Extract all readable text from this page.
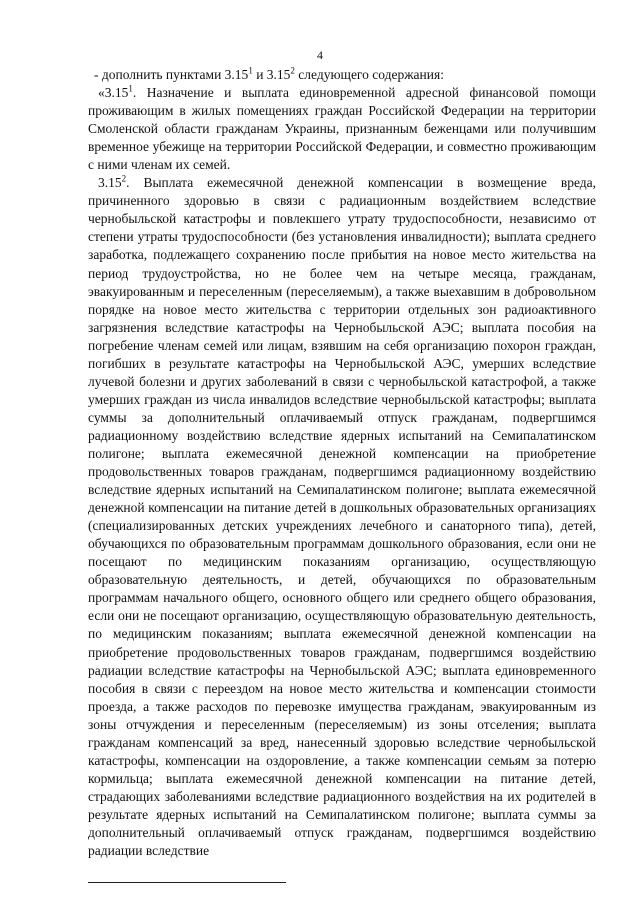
4

- дополнить пунктами 3.15$^1$ и 3.15$^2$ следующего содержания:

«3.15$^1$. Назначение и выплата единовременной адресной финансовой помощи проживающим в жилых помещениях граждан Российской Федерации на территории Смоленской области гражданам Украины, признанным беженцами или получившим временное убежище на территории Российской Федерации, и совместно проживающим с ними членам их семей.

3.15$^2$. Выплата ежемесячной денежной компенсации в возмещение вреда, причиненного здоровью в связи с радиационным воздействием вследствие чернобыльской катастрофы и повлекшего утрату трудоспособности, независимо от степени утраты трудоспособности (без установления инвалидности); выплата среднего заработка, подлежащего сохранению после прибытия на новое место жительства на период трудоустройства, но не более чем на четыре месяца, гражданам, эвакуированным и переселенным (переселяемым), а также выехавшим в добровольном порядке на новое место жительства с территории отдельных зон радиоактивного загрязнения вследствие катастрофы на Чернобыльской АЭС; выплата пособия на погребение членам семей или лицам, взявшим на себя организацию похорон граждан, погибших в результате катастрофы на Чернобыльской АЭС, умерших вследствие лучевой болезни и других заболеваний в связи с чернобыльской катастрофой, а также умерших граждан из числа инвалидов вследствие чернобыльской катастрофы; выплата суммы за дополнительный оплачиваемый отпуск гражданам, подвергшимся радиационному воздействию вследствие ядерных испытаний на Семипалатинском полигоне; выплата ежемесячной денежной компенсации на приобретение продовольственных товаров гражданам, подвергшимся радиационному воздействию вследствие ядерных испытаний на Семипалатинском полигоне; выплата ежемесячной денежной компенсации на питание детей в дошкольных образовательных организациях (специализированных детских учреждениях лечебного и санаторного типа), детей, обучающихся по образовательным программам дошкольного образования, если они не посещают по медицинским показаниям организацию, осуществляющую образовательную деятельность, и детей, обучающихся по образовательным программам начального общего, основного общего или среднего общего образования, если они не посещают организацию, осуществляющую образовательную деятельность, по медицинским показаниям; выплата ежемесячной денежной компенсации на приобретение продовольственных товаров гражданам, подвергшимся воздействию радиации вследствие катастрофы на Чернобыльской АЭС; выплата единовременного пособия в связи с переездом на новое место жительства и компенсации стоимости проезда, а также расходов по перевозке имущества гражданам, эвакуированным из зоны отчуждения и переселенным (переселяемым) из зоны отселения; выплата гражданам компенсаций за вред, нанесенный здоровью вследствие чернобыльской катастрофы, компенсации на оздоровление, а также компенсации семьям за потерю кормильца; выплата ежемесячной денежной компенсации на питание детей, страдающих заболеваниями вследствие радиационного воздействия на их родителей в результате ядерных испытаний на Семипалатинском полигоне; выплата суммы за дополнительный оплачиваемый отпуск гражданам, подвергшимся воздействию радиации вследствие
